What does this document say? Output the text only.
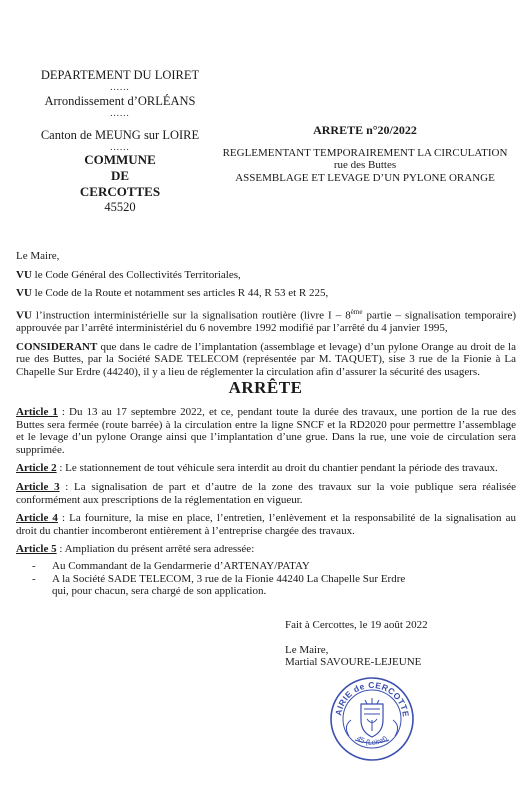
DEPARTEMENT DU LOIRET
......
Arrondissement d’ORLÉANS
......
Canton de MEUNG sur LOIRE
......
COMMUNE
DE
CERCOTTES
45520
ARRETE n°20/2022
REGLEMENTANT TEMPORAIREMENT LA CIRCULATION
rue des Buttes
ASSEMBLAGE ET LEVAGE D’UN PYLONE ORANGE
Le Maire,
VU le Code Général des Collectivités Territoriales,
VU le Code de la Route et notamment ses articles R 44, R 53 et R 225,
VU l’instruction interministérielle sur la signalisation routière (livre I – 8ème partie – signalisation temporaire) approuvée par l’arrêté interministériel du 6 novembre 1992 modifié par l’arrêté du 4 janvier 1995,
CONSIDERANT que dans le cadre de l’implantation (assemblage et levage) d’un pylone Orange au droit de la rue des Buttes, par la Société SADE TELECOM (représentée par M. TAQUET), sise 3 rue de la Fionie à La Chapelle Sur Erdre (44240), il y a lieu de réglementer la circulation afin d’assurer la sécurité des usagers.
ARRÊTE
Article 1 : Du 13 au 17 septembre 2022, et ce, pendant toute la durée des travaux, une portion de la rue des Buttes sera fermée (route barrée) à la circulation entre la ligne SNCF et la RD2020 pour permettre l’assemblage et le levage d’un pylone Orange ainsi que l’implantation d’une grue. Dans la rue, une voie de circulation sera supprimée.
Article 2 : Le stationnement de tout véhicule sera interdit au droit du chantier pendant la période des travaux.
Article 3 : La signalisation de part et d’autre de la zone des travaux sur la voie publique sera réalisée conformément aux prescriptions de la réglementation en vigueur.
Article 4 : La fourniture, la mise en place, l’entretien, l’enlèvement et la responsabilité de la signalisation au droit du chantier incomberont entièrement à l’entreprise chargée des travaux.
Article 5 : Ampliation du présent arrêté sera adressée:
- Au Commandant de la Gendarmerie d’ARTENAY/PATAY
- A la Société SADE TELECOM, 3 rue de la Fionie 44240 La Chapelle Sur Erdre
qui, pour chacun, sera chargé de son application.
Fait à Cercottes, le 19 août 2022
Le Maire,
Martial SAVOURE-LEJEUNE
AIRIE de CERCOTTE
45 (Loiret)
